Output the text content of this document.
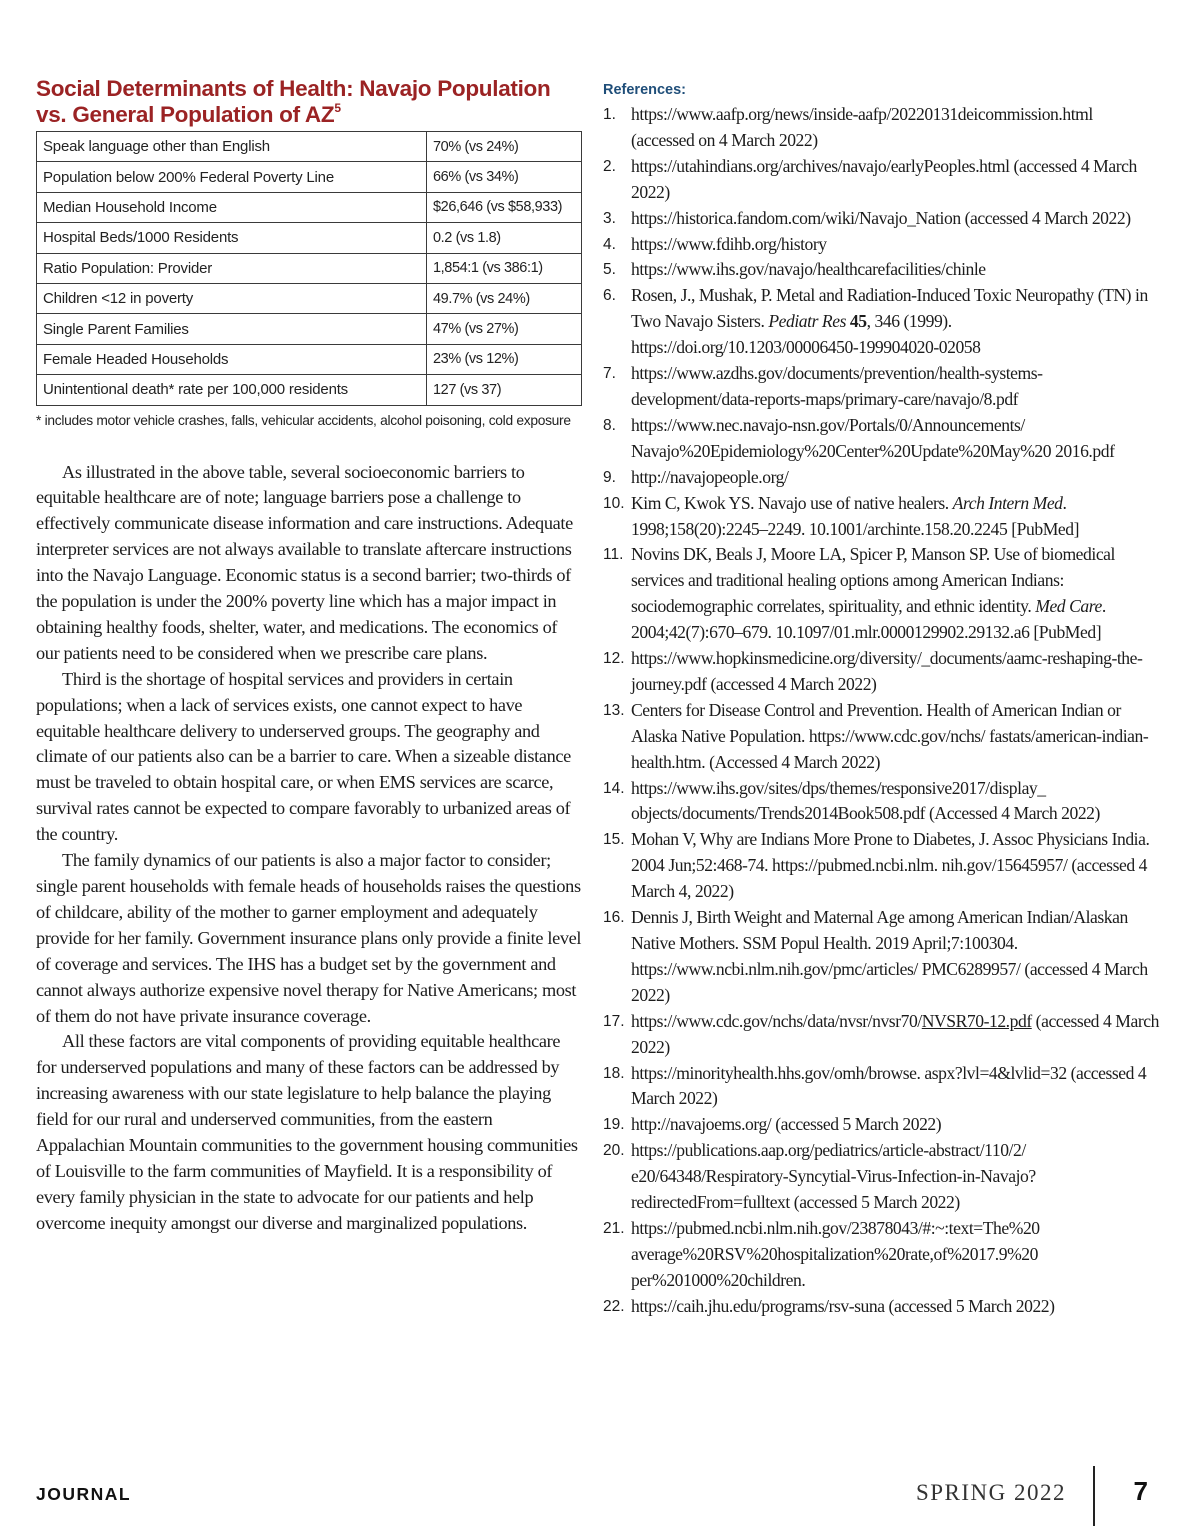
Social Determinants of Health: Navajo Population vs. General Population of $AZ^5$
Speak language other than English	70% (vs 24%)
Population below 200% Federal Poverty Line	66% (vs 34%)
Median Household Income	$26,646 (vs $58,933)
Hospital Beds/1000 Residents	0.2 (vs 1.8)
Ratio Population: Provider	1,854:1 (vs 386:1)
Children <12 in poverty	49.7% (vs 24%)
Single Parent Families	47% (vs 27%)
Female Headed Households	23% (vs 12%)
Unintentional death* rate per 100,000 residents	127 (vs 37)
* includes motor vehicle crashes, falls, vehicular accidents, alcohol poisoning, cold exposure

As illustrated in the above table, several socioeconomic barriers to equitable healthcare are of note; language barriers pose a challenge to effectively communicate disease information and care instructions. Adequate interpreter services are not always available to translate aftercare instructions into the Navajo Language. Economic status is a second barrier; two-thirds of the population is under the 200% poverty line which has a major impact in obtaining healthy foods, shelter, water, and medications. The economics of our patients need to be considered when we prescribe care plans.

Third is the shortage of hospital services and providers in certain populations; when a lack of services exists, one cannot expect to have equitable healthcare delivery to underserved groups. The geography and climate of our patients also can be a barrier to care. When a sizeable distance must be traveled to obtain hospital care, or when EMS services are scarce, survival rates cannot be expected to compare favorably to urbanized areas of the country.

The family dynamics of our patients is also a major factor to consider; single parent households with female heads of households raises the questions of childcare, ability of the mother to garner employment and adequately provide for her family. Government insurance plans only provide a finite level of coverage and services. The IHS has a budget set by the government and cannot always authorize expensive novel therapy for Native Americans; most of them do not have private insurance coverage.

All these factors are vital components of providing equitable healthcare for underserved populations and many of these factors can be addressed by increasing awareness with our state legislature to help balance the playing field for our rural and underserved communities, from the eastern Appalachian Mountain communities to the government housing communities of Louisville to the farm communities of Mayfield. It is a responsibility of every family physician in the state to advocate for our patients and help overcome inequity amongst our diverse and marginalized populations.

References:
1. https://www.aafp.org/news/inside-aafp/20220131deicommission.html (accessed on 4 March 2022)
2. https://utahindians.org/archives/navajo/earlyPeoples.html (accessed 4 March 2022)
3. https://historica.fandom.com/wiki/Navajo_Nation (accessed 4 March 2022)
4. https://www.fdihb.org/history
5. https://www.ihs.gov/navajo/healthcarefacilities/chinle
6. Rosen, J., Mushak, P. Metal and Radiation-Induced Toxic Neuropathy (TN) in Two Navajo Sisters. Pediatr Res 45, 346 (1999). https://doi.org/10.1203/00006450-199904020-02058
7. https://www.azdhs.gov/documents/prevention/health-systems-development/data-reports-maps/primary-care/navajo/8.pdf
8. https://www.nec.navajo-nsn.gov/Portals/0/Announcements/ Navajo%20Epidemiology%20Center%20Update%20May%20 2016.pdf
9. http://navajopeople.org/
10. Kim C, Kwok YS. Navajo use of native healers. Arch Intern Med. 1998;158(20):2245–2249. 10.1001/archinte.158.20.2245 [PubMed]
11. Novins DK, Beals J, Moore LA, Spicer P, Manson SP. Use of biomedical services and traditional healing options among American Indians: sociodemographic correlates, spirituality, and ethnic identity. Med Care. 2004;42(7):670–679. 10.1097/01.mlr.0000129902.29132.a6 [PubMed]
12. https://www.hopkinsmedicine.org/diversity/_documents/aamc-reshaping-the-journey.pdf (accessed 4 March 2022)
13. Centers for Disease Control and Prevention. Health of American Indian or Alaska Native Population. https://www.cdc.gov/nchs/ fastats/american-indian-health.htm. (Accessed 4 March 2022)
14. https://www.ihs.gov/sites/dps/themes/responsive2017/display_ objects/documents/Trends2014Book508.pdf (Accessed 4 March 2022)
15. Mohan V, Why are Indians More Prone to Diabetes, J. Assoc Physicians India. 2004 Jun;52:468-74. https://pubmed.ncbi.nlm. nih.gov/15645957/ (accessed 4 March 4, 2022)
16. Dennis J, Birth Weight and Maternal Age among American Indian/Alaskan Native Mothers. SSM Popul Health. 2019 April;7:100304. https://www.ncbi.nlm.nih.gov/pmc/articles/ PMC6289957/ (accessed 4 March 2022)
17. https://www.cdc.gov/nchs/data/nvsr/nvsr70/NVSR70-12.pdf (accessed 4 March 2022)
18. https://minorityhealth.hhs.gov/omh/browse. aspx?lvl=4&lvlid=32 (accessed 4 March 2022)
19. http://navajoems.org/ (accessed 5 March 2022)
20. https://publications.aap.org/pediatrics/article-abstract/110/2/ e20/64348/Respiratory-Syncytial-Virus-Infection-in-Navajo?redirectedFrom=fulltext (accessed 5 March 2022)
21. https://pubmed.ncbi.nlm.nih.gov/23878043/#:~:text=The%20 average%20RSV%20hospitalization%20rate,of%2017.9%20 per%201000%20children.
22. https://caih.jhu.edu/programs/rsv-suna (accessed 5 March 2022)
JOURNAL	SPRING 2022	7
